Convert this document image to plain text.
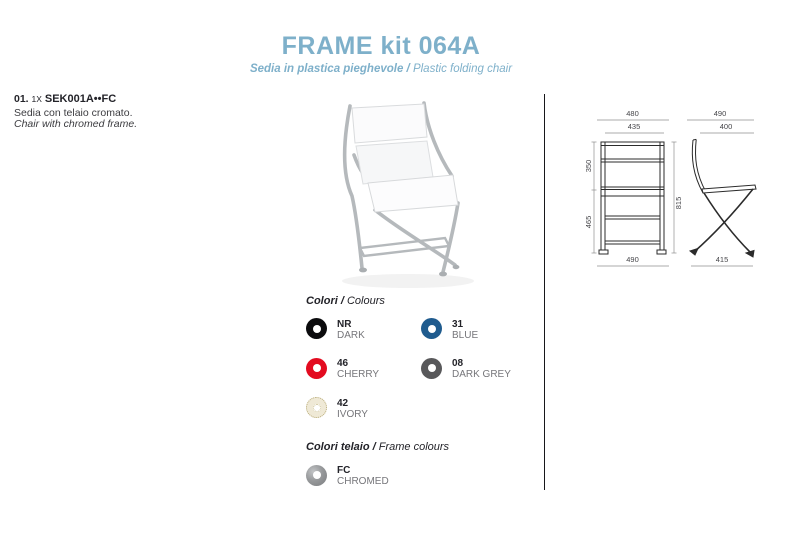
FRAME kit 064A
Sedia in plastica pieghevole / Plastic folding chair
01. 1X SEK001A••FC
Sedia con telaio cromato.
Chair with chromed frame.
480
435
815
350
465
490
490
400
415
Colori / Colours
NR
DARK
31
BLUE
46
CHERRY
08
DARK GREY
42
IVORY
Colori telaio / Frame colours
FC
CHROMED
